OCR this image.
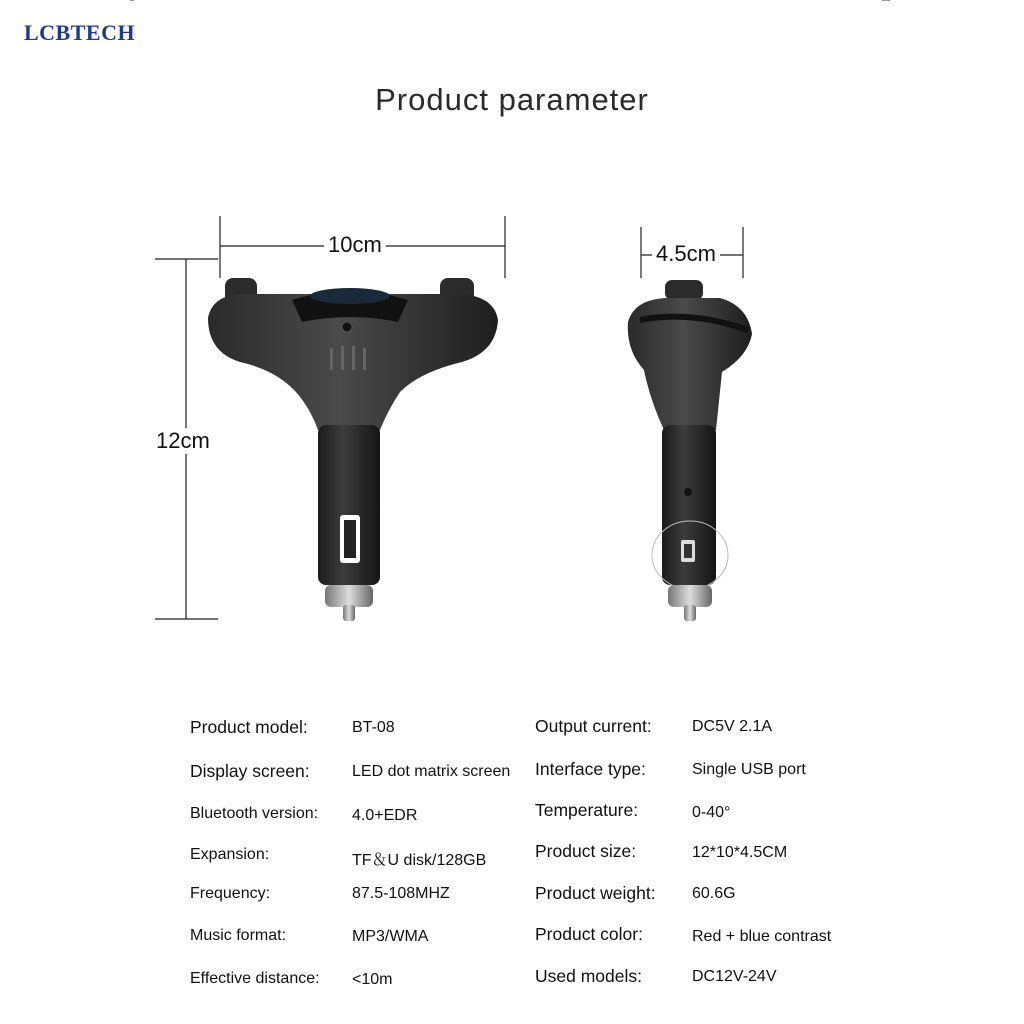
LCBTECH
Product parameter
10cm
12cm
4.5cm
Product model:	BT-08
Display screen:	LED dot matrix screen
Bluetooth version: 4.0+EDR
Expansion:	TF＆U disk/128GB
Frequency:	87.5-108MHZ
Music format:	MP3/WMA
Effective distance: <10m
Output current:	DC5V 2.1A
Interface type:	Single USB port
Temperature:	0-40°
Product size:	12*10*4.5CM
Product weight: 60.6G
Product color:	Red + blue contrast
Used models:	DC12V-24V
